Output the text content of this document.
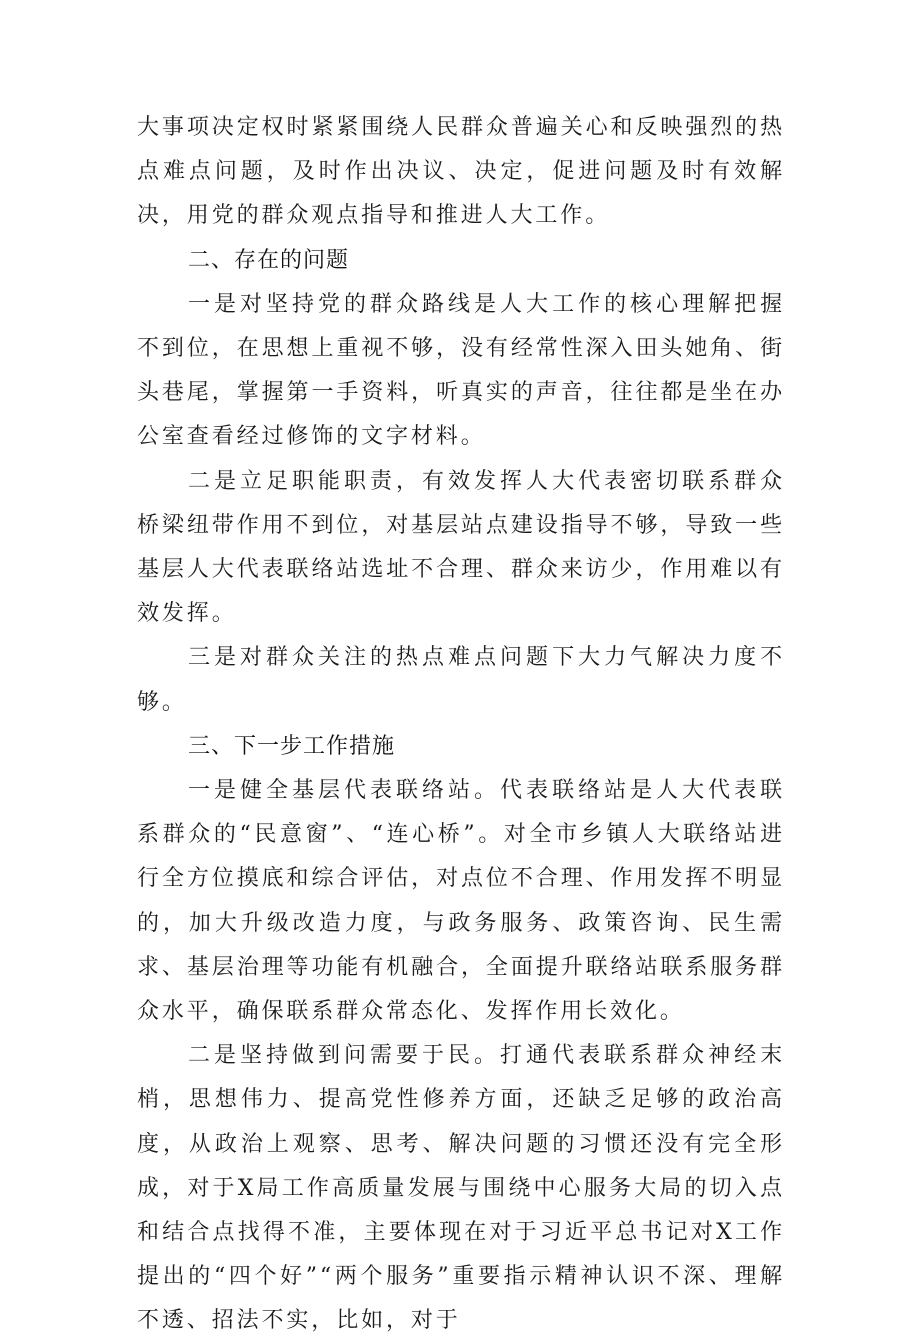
大事项决定权时紧紧围绕人民群众普遍关心和反映强烈的热点难点问题，及时作出决议、决定，促进问题及时有效解决，用党的群众观点指导和推进人大工作。

二、存在的问题

一是对坚持党的群众路线是人大工作的核心理解把握不到位，在思想上重视不够，没有经常性深入田头她角、街头巷尾，掌握第一手资料，听真实的声音，往往都是坐在办公室查看经过修饰的文字材料。

二是立足职能职责，有效发挥人大代表密切联系群众桥梁纽带作用不到位，对基层站点建设指导不够，导致一些基层人大代表联络站选址不合理、群众来访少，作用难以有效发挥。

三是对群众关注的热点难点问题下大力气解决力度不够。

三、下一步工作措施

一是健全基层代表联络站。代表联络站是人大代表联系群众的“民意窗”、“连心桥”。对全市乡镇人大联络站进行全方位摸底和综合评估，对点位不合理、作用发挥不明显的，加大升级改造力度，与政务服务、政策咨询、民生需求、基层治理等功能有机融合，全面提升联络站联系服务群众水平，确保联系群众常态化、发挥作用长效化。

二是坚持做到问需要于民。打通代表联系群众神经末梢，思想伟力、提高党性修养方面，还缺乏足够的政治高度，从政治上观察、思考、解决问题的习惯还没有完全形成，对于X局工作高质量发展与围绕中心服务大局的切入点和结合点找得不准，主要体现在对于习近平总书记对X工作提出的“四个好”“两个服务”重要指示精神认识不深、理解不透、招法不实，比如，对于
